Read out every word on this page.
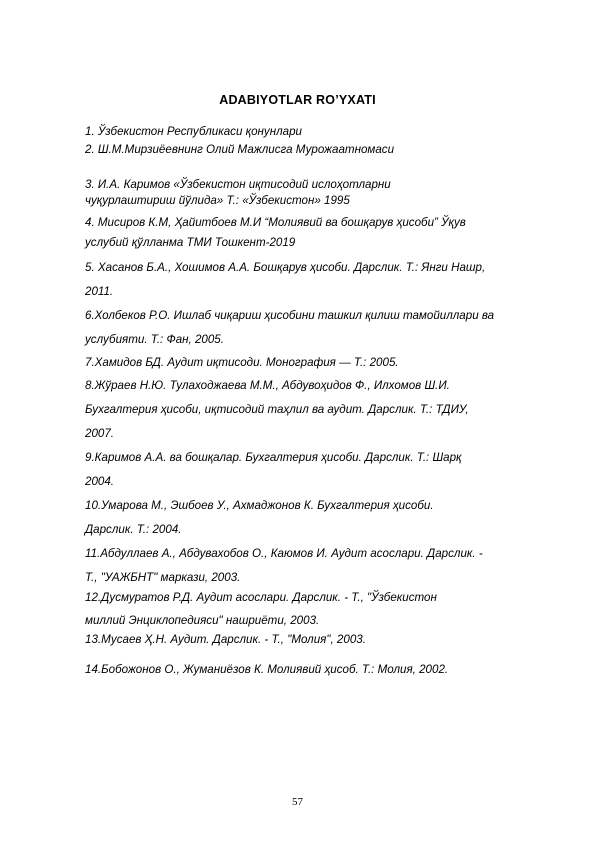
ADABIYOTLAR RO’YXATI
1. Ўзбекистон Республикаси қонунлари
2. Ш.М.Мирзиёевнинг Олий Мажлисга Мурожаатномаси
3. И.А. Каримов «Ўзбекистон иқтисодий ислоҳотларни
чуқурлаштириш йўлида» Т.: «Ўзбекистон» 1995
4. Мисиров К.М, Ҳайитбоев М.И “Молиявий ва бошқарув ҳисоби” Ўқув
услубий қўлланма ТМИ Тошкент-2019
5. Хасанов Б.А., Хошимов А.А. Бошқарув ҳисоби. Дарслик. Т.: Янги Нашр,
2011.
6.Холбеков Р.О. Ишлаб чиқариш ҳисобини ташкил қилиш тамойиллари ва
услубияти. Т.: Фан, 2005.
7.Хамидов БД. Аудит иқтисоди. Монография — Т.: 2005.
8.Жўраев Н.Ю. Тулаходжаева М.М., Абдувоҳидов Ф., Илхомов Ш.И.
Бухгалтерия ҳисоби, иқтисодий таҳлил ва аудит. Дарслик. Т.: ТДИУ,
2007.
9.Каримов А.А. ва бошқалар. Бухгалтерия ҳисоби. Дарслик. Т.: Шарқ
2004.
10.Умарова М., Эшбоев У., Ахмаджонов К. Бухгалтерия ҳисоби.
Дарслик. Т.: 2004.
11.Абдуллаев А., Абдувахобов О., Каюмов И. Аудит асослари. Дарслик. -
Т., "УАЖБНТ" маркази, 2003.
12.Дусмуратов Р.Д. Аудит асослари. Дарслик. - Т., "Ўзбекистон
миллий Энциклопедияси" нашриёти, 2003.
13.Мусаев Ҳ.Н. Аудит. Дарслик. - Т., "Молия", 2003.
14.Бобожонов О., Жуманиёзов К. Молиявий ҳисоб. Т.: Молия, 2002.
57
